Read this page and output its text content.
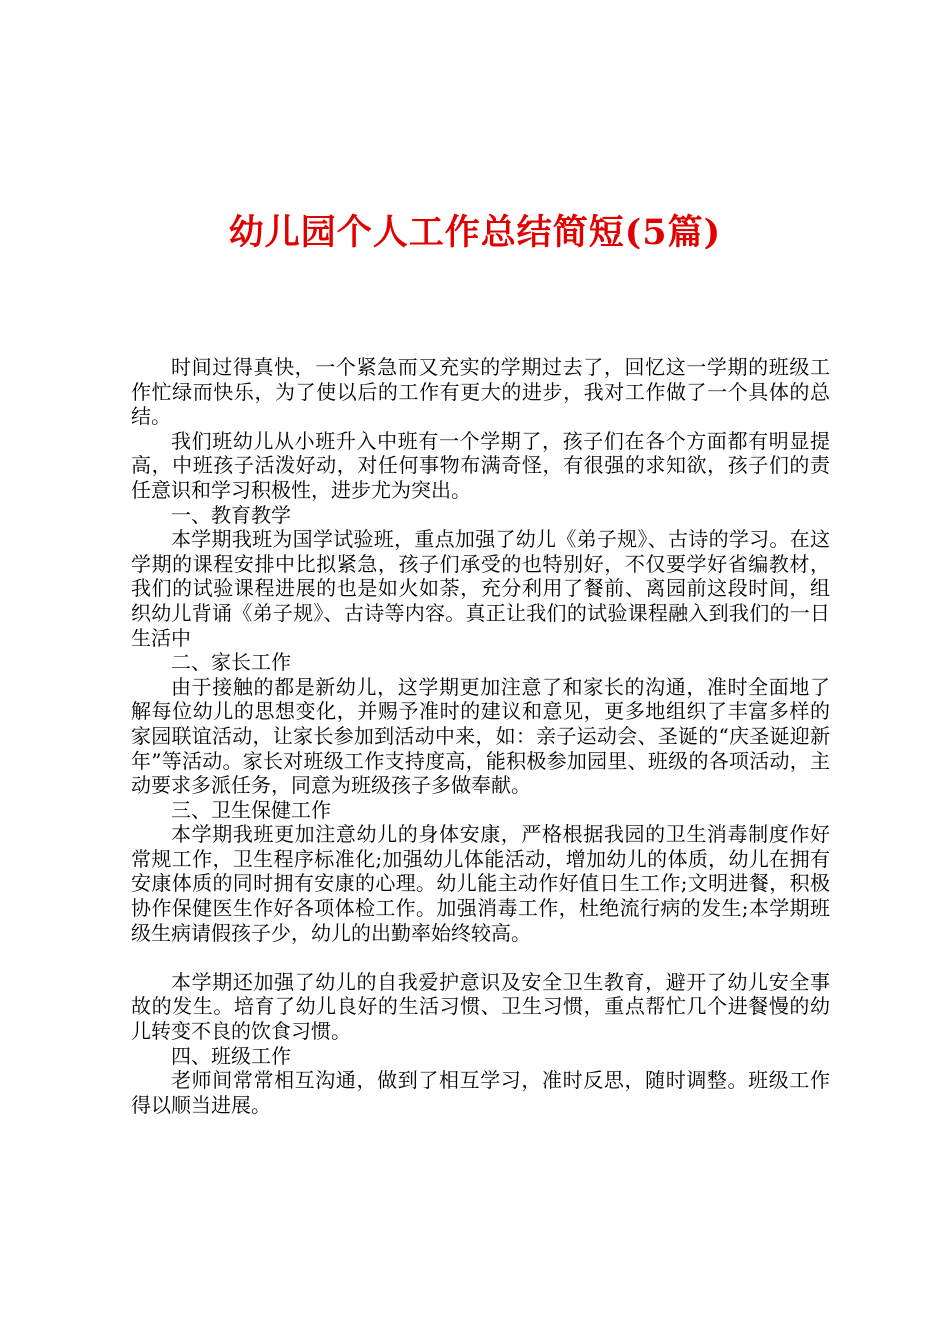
幼儿园个人工作总结简短(5篇)

时间过得真快，一个紧急而又充实的学期过去了，回忆这一学期的班级工作忙绿而快乐，为了使以后的工作有更大的进步，我对工作做了一个具体的总结。

我们班幼儿从小班升入中班有一个学期了，孩子们在各个方面都有明显提高，中班孩子活泼好动，对任何事物布满奇怪，有很强的求知欲，孩子们的责任意识和学习积极性，进步尤为突出。

一、教育教学

本学期我班为国学试验班，重点加强了幼儿《弟子规》、古诗的学习。在这学期的课程安排中比拟紧急，孩子们承受的也特别好，不仅要学好省编教材，我们的试验课程进展的也是如火如荼，充分利用了餐前、离园前这段时间，组织幼儿背诵《弟子规》、古诗等内容。真正让我们的试验课程融入到我们的一日生活中

二、家长工作

由于接触的都是新幼儿，这学期更加注意了和家长的沟通，准时全面地了解每位幼儿的思想变化，并赐予准时的建议和意见，更多地组织了丰富多样的家园联谊活动，让家长参加到活动中来，如：亲子运动会、圣诞的“庆圣诞迎新年”等活动。家长对班级工作支持度高，能积极参加园里、班级的各项活动，主动要求多派任务，同意为班级孩子多做奉献。

三、卫生保健工作

本学期我班更加注意幼儿的身体安康，严格根据我园的卫生消毒制度作好常规工作，卫生程序标准化;加强幼儿体能活动，增加幼儿的体质，幼儿在拥有安康体质的同时拥有安康的心理。幼儿能主动作好值日生工作;文明进餐，积极协作保健医生作好各项体检工作。加强消毒工作，杜绝流行病的发生;本学期班级生病请假孩子少，幼儿的出勤率始终较高。

本学期还加强了幼儿的自我爱护意识及安全卫生教育，避开了幼儿安全事故的发生。培育了幼儿良好的生活习惯、卫生习惯，重点帮忙几个进餐慢的幼儿转变不良的饮食习惯。

四、班级工作

老师间常常相互沟通，做到了相互学习，准时反思，随时调整。班级工作得以顺当进展。
